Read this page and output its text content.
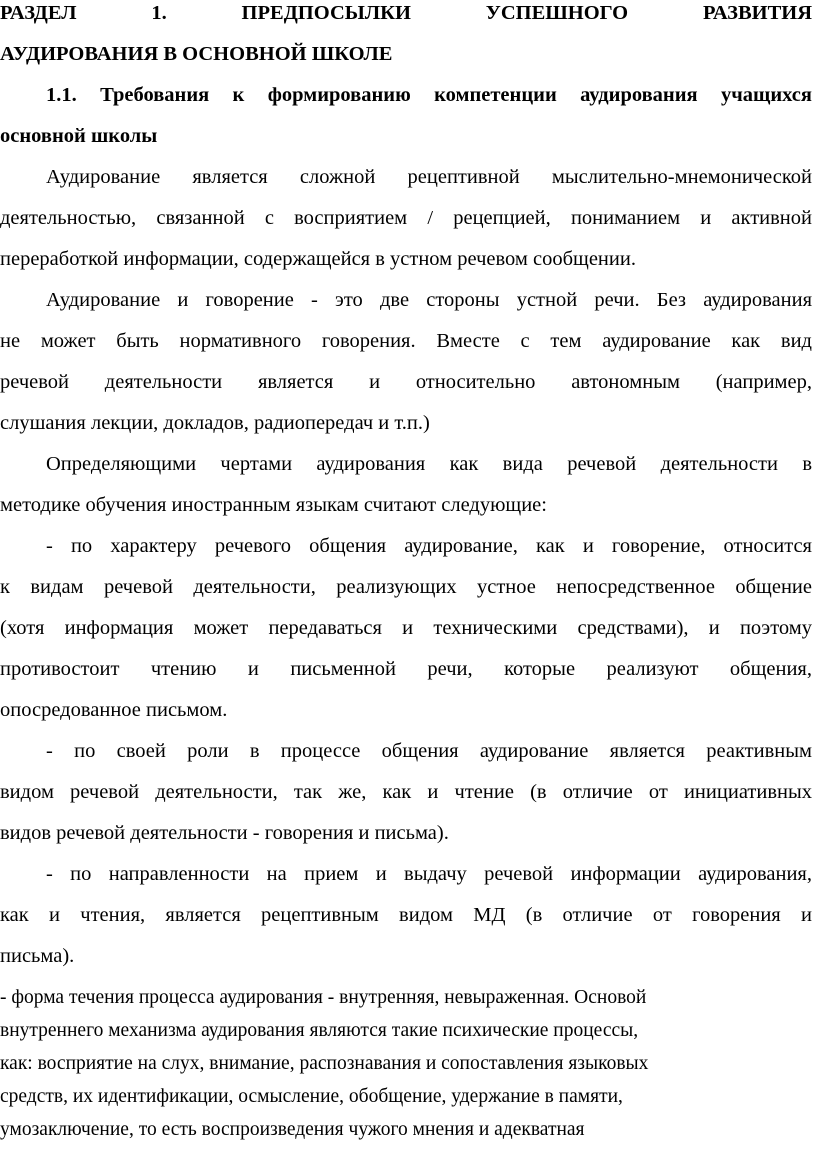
РАЗДЕЛ 1. ПРЕДПОСЫЛКИ УСПЕШНОГО РАЗВИТИЯ

АУДИРОВАНИЯ В ОСНОВНОЙ ШКОЛЕ

1.1. Требования к формированию компетенции аудирования учащихся

основной школы

Аудирование является сложной рецептивной мыслительно-мнемонической

деятельностью, связанной с восприятием / рецепцией, пониманием и активной

переработкой информации, содержащейся в устном речевом сообщении.

Аудирование и говорение - это две стороны устной речи. Без аудирования

не может быть нормативного говорения. Вместе с тем аудирование как вид

речевой деятельности является и относительно автономным (например,

слушания лекции, докладов, радиопередач и т.п.)

Определяющими чертами аудирования как вида речевой деятельности в

методике обучения иностранным языкам считают следующие:

- по характеру речевого общения аудирование, как и говорение, относится

к видам речевой деятельности, реализующих устное непосредственное общение

(хотя информация может передаваться и техническими средствами), и поэтому

противостоит чтению и письменной речи, которые реализуют общения,

опосредованное письмом.

- по своей роли в процессе общения аудирование является реактивным

видом речевой деятельности, так же, как и чтение (в отличие от инициативных

видов речевой деятельности - говорения и письма).

- по направленности на прием и выдачу речевой информации аудирования,

как и чтения, является рецептивным видом МД (в отличие от говорения и

письма).

- форма течения процесса аудирования - внутренняя, невыраженная. Основой

внутреннего механизма аудирования являются такие психические процессы,

как: восприятие на слух, внимание, распознавания и сопоставления языковых

средств, их идентификации, осмысление, обобщение, удержание в памяти,

умозаключение, то есть воспроизведения чужого мнения и адекватная
